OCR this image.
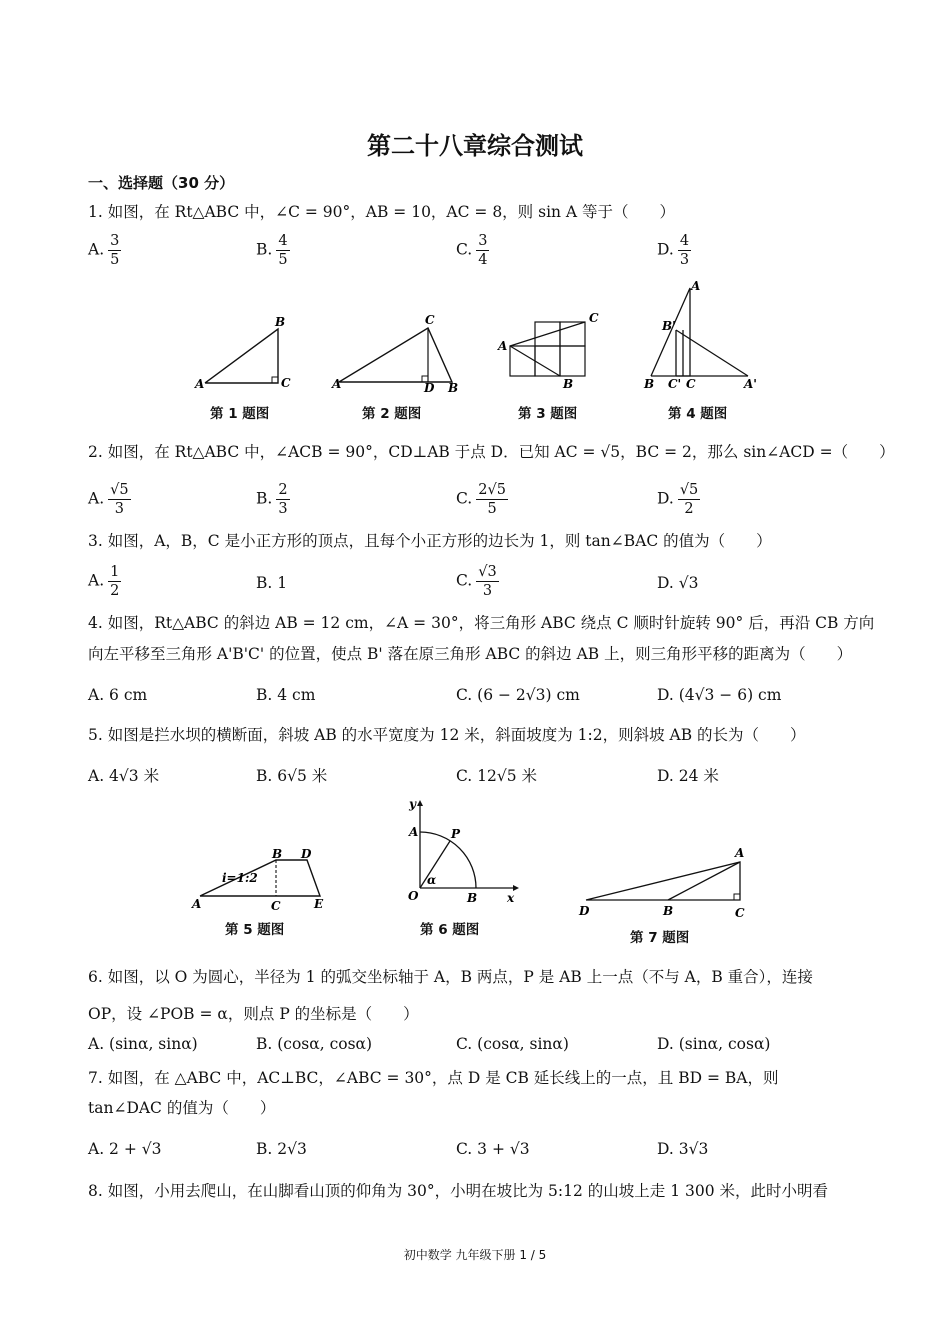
第二十八章综合测试
一、选择题（30 分）
1. 如图，在 Rt△ABC 中，∠C = 90°，AB = 10，AC = 8，则 sin A 等于（　　）
A. $\frac{3}{5}$	B. $\frac{4}{5}$	C. $\frac{3}{4}$	D. $\frac{4}{3}$
A
B
C
第 1 题图
A
C
D B
第 2 题图
A
C
B
第 3 题图
A
B'
B C' C	A'
第 4 题图
2. 如图，在 Rt△ABC 中，∠ACB = 90°，CD⊥AB 于点 D．已知 AC = √5，BC = 2，那么 sin∠ACD =（　　）
A. $\frac{√5}{3}$	B. $\frac{2}{3}$	C. $\frac{2√5}{5}$	D. $\frac{√5}{2}$
3. 如图，A，B，C 是小正方形的顶点，且每个小正方形的边长为 1，则 tan∠BAC 的值为（　　）
A. $\frac{1}{2}$	B. 1	C. $\frac{√3}{3}$	D. √3
4. 如图，Rt△ABC 的斜边 AB = 12 cm，∠A = 30°，将三角形 ABC 绕点 C 顺时针旋转 90° 后，再沿 CB 方向
向左平移至三角形 A'B'C' 的位置，使点 B' 落在原三角形 ABC 的斜边 AB 上，则三角形平移的距离为（　　）
A. 6 cm	B. 4 cm	C. (6 − 2√3) cm	D. (4√3 − 6) cm
5. 如图是拦水坝的横断面，斜坡 AB 的水平宽度为 12 米，斜面坡度为 1:2，则斜坡 AB 的长为（　　）
A. 4√3 米	B. 6√5 米	C. 12√5 米	D. 24 米
i=1:2
A
B D
C	E
第 5 题图
y
x
A	P
α
O	B
第 6 题图
A
D	B	C
第 7 题图
6. 如图，以 O 为圆心，半径为 1 的弧交坐标轴于 A，B 两点，P 是 AB 上一点（不与 A，B 重合），连接
OP，设 ∠POB = α，则点 P 的坐标是（　　）
A. (sinα, sinα)	B. (cosα, cosα)	C. (cosα, sinα)	D. (sinα, cosα)
7. 如图，在 △ABC 中，AC⊥BC，∠ABC = 30°，点 D 是 CB 延长线上的一点，且 BD = BA，则
tan∠DAC 的值为（　　）
A. 2 + √3	B. 2√3	C. 3 + √3	D. 3√3
8. 如图，小用去爬山，在山脚看山顶的仰角为 30°，小明在坡比为 5:12 的山坡上走 1 300 米，此时小明看
初中数学 九年级下册 1 / 5
